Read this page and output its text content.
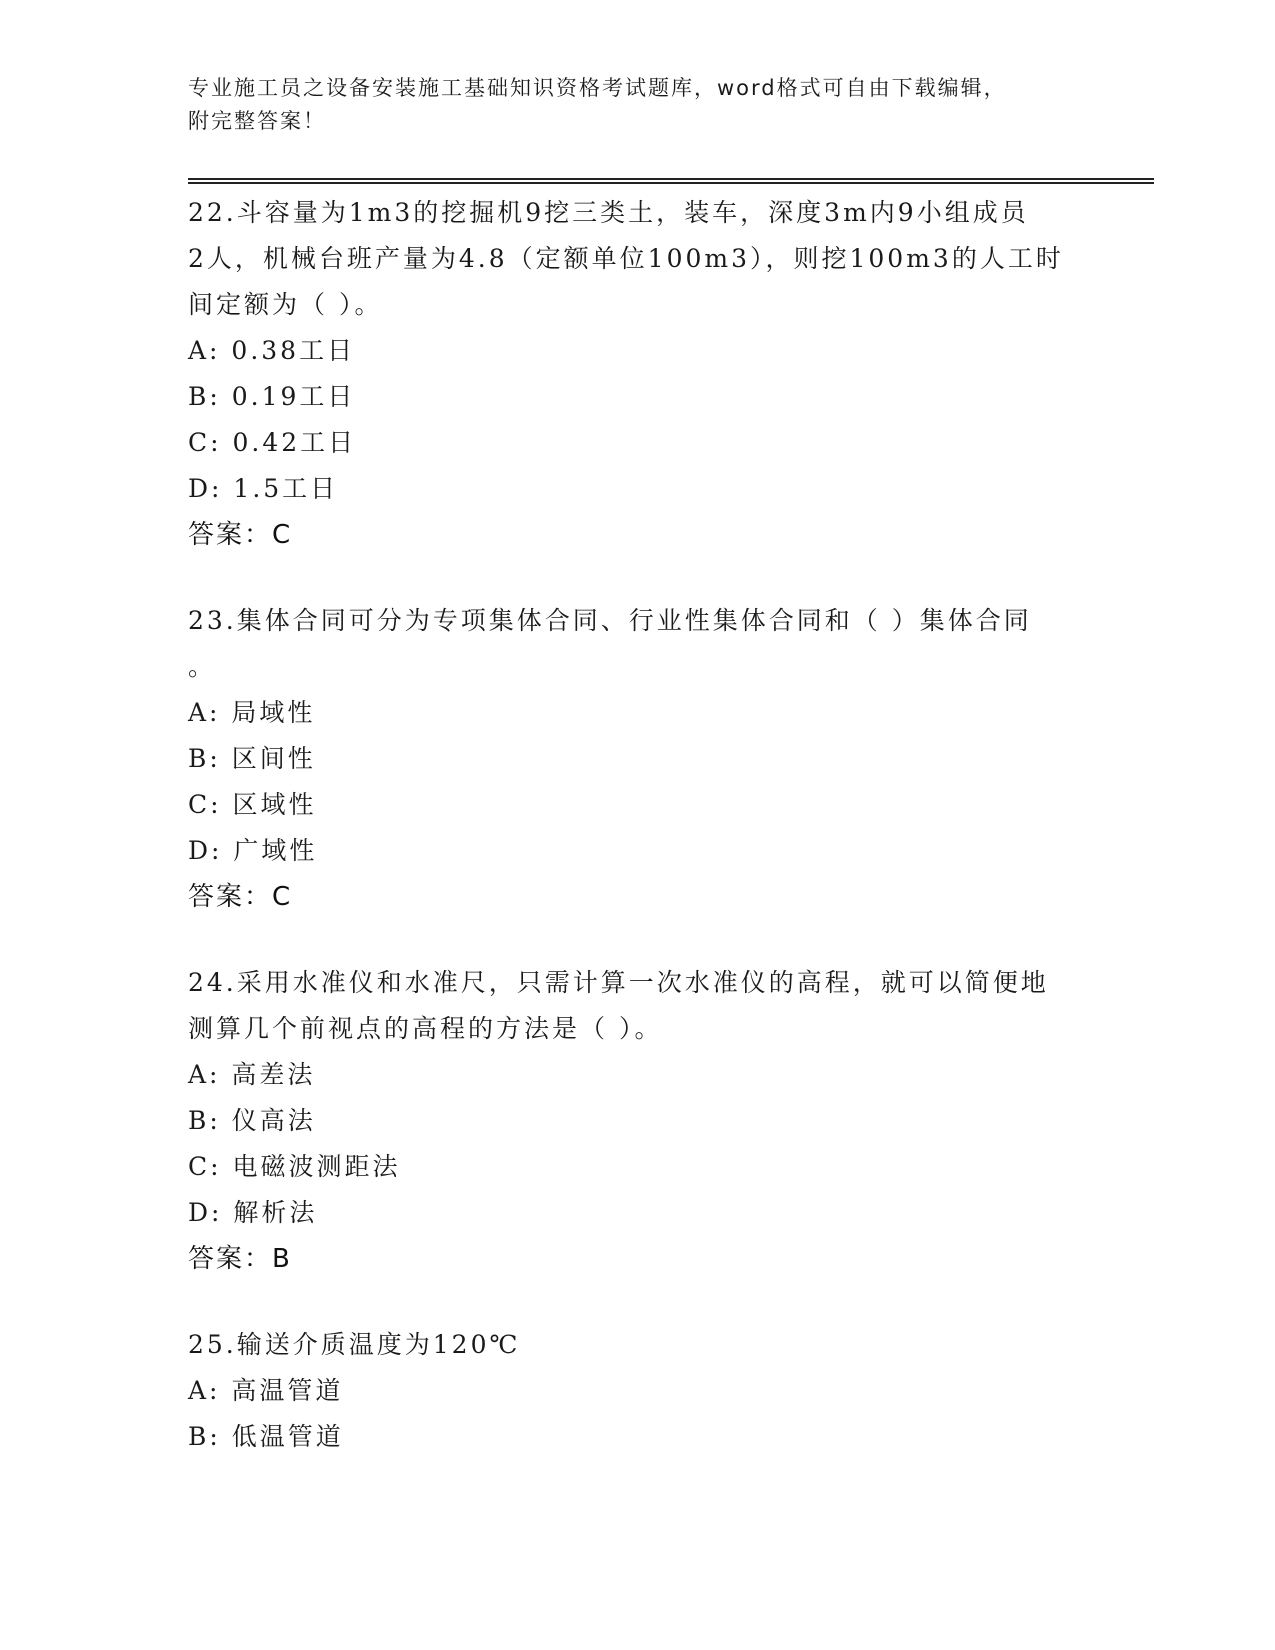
专业施工员之设备安装施工基础知识资格考试题库，word格式可自由下载编辑，
附完整答案！
22.斗容量为1m3的挖掘机9挖三类土，装车，深度3m内9小组成员
2人，机械台班产量为4.8（定额单位100m3），则挖100m3的人工时
间定额为（ ）。
A: 0.38工日
B: 0.19工日
C: 0.42工日
D: 1.5工日
答案：C
23.集体合同可分为专项集体合同、行业性集体合同和（ ）集体合同
。
A: 局域性
B: 区间性
C: 区域性
D: 广域性
答案：C
24.采用水准仪和水准尺，只需计算一次水准仪的高程，就可以简便地
测算几个前视点的高程的方法是（ ）。
A: 高差法
B: 仪高法
C: 电磁波测距法
D: 解析法
答案：B
25.输送介质温度为120℃
A: 高温管道
B: 低温管道
